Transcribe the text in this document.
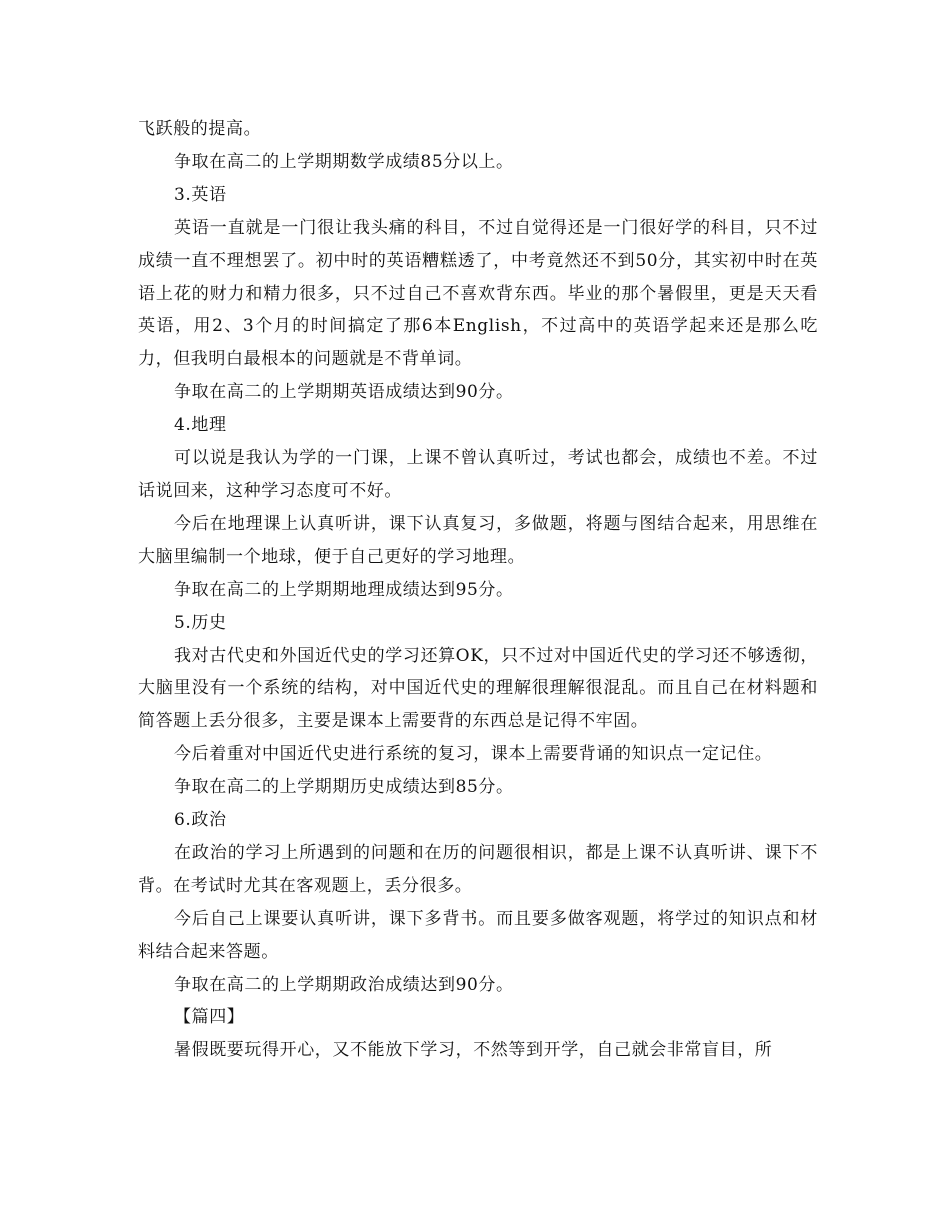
飞跃般的提高。

争取在高二的上学期期数学成绩85分以上。

3.英语

英语一直就是一门很让我头痛的科目，不过自觉得还是一门很好学的科目，只不过成绩一直不理想罢了。初中时的英语糟糕透了，中考竟然还不到50分，其实初中时在英语上花的财力和精力很多，只不过自己不喜欢背东西。毕业的那个暑假里，更是天天看英语，用2、3个月的时间搞定了那6本English，不过高中的英语学起来还是那么吃力，但我明白最根本的问题就是不背单词。

争取在高二的上学期期英语成绩达到90分。

4.地理

可以说是我认为学的一门课，上课不曾认真听过，考试也都会，成绩也不差。不过话说回来，这种学习态度可不好。

今后在地理课上认真听讲，课下认真复习，多做题，将题与图结合起来，用思维在大脑里编制一个地球，便于自己更好的学习地理。

争取在高二的上学期期地理成绩达到95分。

5.历史

我对古代史和外国近代史的学习还算OK，只不过对中国近代史的学习还不够透彻，大脑里没有一个系统的结构，对中国近代史的理解很理解很混乱。而且自己在材料题和简答题上丢分很多，主要是课本上需要背的东西总是记得不牢固。

今后着重对中国近代史进行系统的复习，课本上需要背诵的知识点一定记住。

争取在高二的上学期期历史成绩达到85分。

6.政治

在政治的学习上所遇到的问题和在历的问题很相识，都是上课不认真听讲、课下不背。在考试时尤其在客观题上，丢分很多。

今后自己上课要认真听讲，课下多背书。而且要多做客观题，将学过的知识点和材料结合起来答题。

争取在高二的上学期期政治成绩达到90分。

【篇四】

暑假既要玩得开心，又不能放下学习，不然等到开学，自己就会非常盲目，所
